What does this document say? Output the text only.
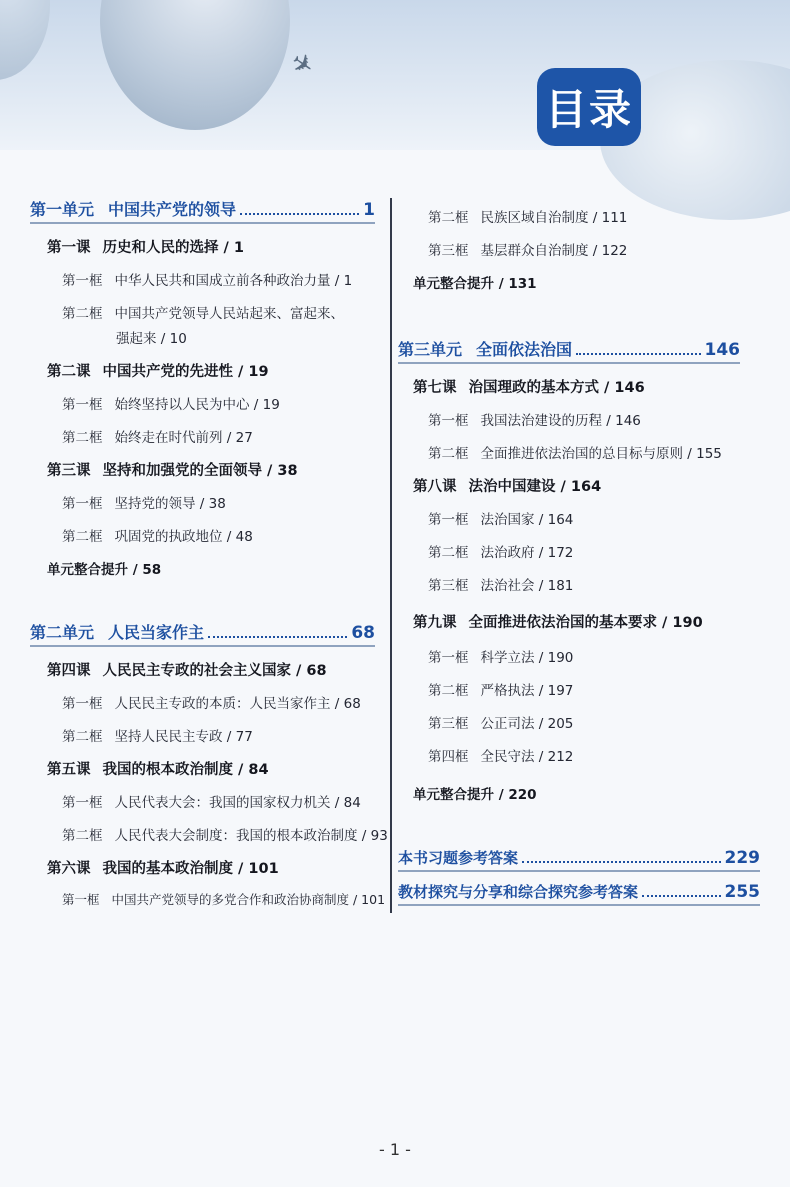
✈
目录
第一单元 中国共产党的领导	1
第一课 历史和人民的选择 / 1
第一框 中华人民共和国成立前各种政治力量 / 1
第二框 中国共产党领导人民站起来、富起来、
强起来 / 10
第二课 中国共产党的先进性 / 19
第一框 始终坚持以人民为中心 / 19
第二框 始终走在时代前列 / 27
第三课 坚持和加强党的全面领导 / 38
第一框 坚持党的领导 / 38
第二框 巩固党的执政地位 / 48
单元整合提升 / 58
第二单元 人民当家作主	68
第四课 人民民主专政的社会主义国家 / 68
第一框 人民民主专政的本质：人民当家作主 / 68
第二框 坚持人民民主专政 / 77
第五课 我国的根本政治制度 / 84
第一框 人民代表大会：我国的国家权力机关 / 84
第二框 人民代表大会制度：我国的根本政治制度 / 93
第六课 我国的基本政治制度 / 101
第一框 中国共产党领导的多党合作和政治协商制度 / 101
第二框 民族区域自治制度 / 111
第三框 基层群众自治制度 / 122
单元整合提升 / 131
第三单元 全面依法治国	146
第七课 治国理政的基本方式 / 146
第一框 我国法治建设的历程 / 146
第二框 全面推进依法治国的总目标与原则 / 155
第八课 法治中国建设 / 164
第一框 法治国家 / 164
第二框 法治政府 / 172
第三框 法治社会 / 181
第九课 全面推进依法治国的基本要求 / 190
第一框 科学立法 / 190
第二框 严格执法 / 197
第三框 公正司法 / 205
第四框 全民守法 / 212
单元整合提升 / 220
本书习题参考答案	229
教材探究与分享和综合探究参考答案	255
- 1 -
